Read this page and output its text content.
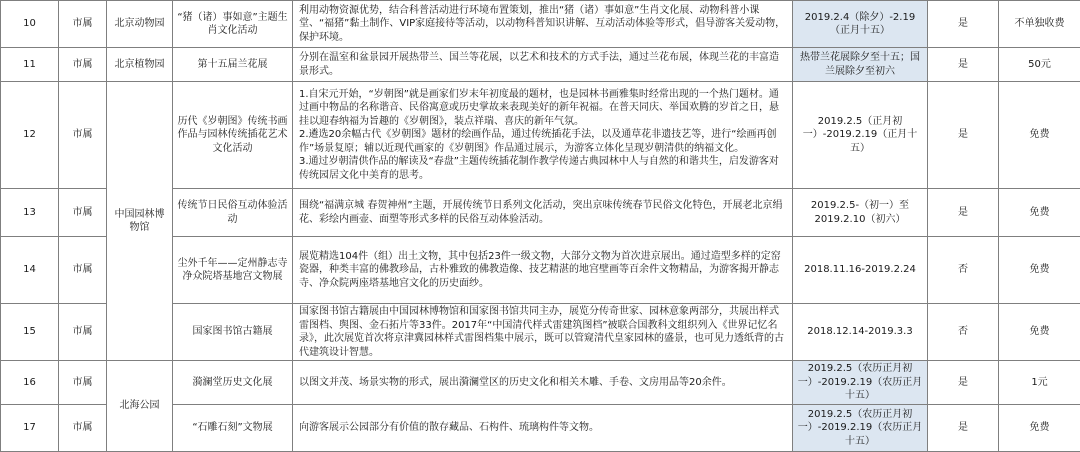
10	市属	北京动物园	“猪（诸）事如意”主题生肖文化活动	利用动物资源优势，结合科普活动进行环境布置策划，推出“猪（诸）事如意”生肖文化展、动物科普小课堂、“福猪”黏土制作、VIP家庭接待等活动，以动物科普知识讲解、互动活动体验等形式，倡导游客关爱动物，保护环境。	2019.2.4（除夕）-2.19（正月十五）	是	不单独收费
11	市属	北京植物园	第十五届兰花展	分别在温室和盆景园开展热带兰、国兰等花展，以艺术和技术的方式手法，通过兰花布展，体现兰花的丰富造景形式。	热带兰花展除夕至十五；国兰展除夕至初六	是	50元
12	市属	中国园林博物馆	历代《岁朝图》传统书画作品与园林传统插花艺术文化活动	1.自宋元开始，“岁朝图”就是画家们岁末年初度最的题材，也是园林书画雅集时经常出现的一个热门题材。通过画中物品的名称谐音、民俗寓意或历史掌故来表现美好的新年祝福。在普天同庆、举国欢腾的岁首之日，悬挂以迎春纳福为旨趣的《岁朝图》，装点祥瑞、喜庆的新年气氛。

2.遴选20余幅古代《岁朝图》题材的绘画作品，通过传统插花手法，以及通草花非遗技艺等，进行“绘画再创作”场景复原；辅以近现代画家的《岁朝图》作品通过展示，为游客立体化呈现岁朝清供的纳福文化。

3.通过岁朝清供作品的解读及“春盘”主题传统插花制作教学传递古典园林中人与自然的和谐共生，启发游客对传统园居文化中美育的思考。	2019.2.5（正月初一）-2019.2.19（正月十五）	是	免费
13	市属		传统节日民俗互动体验活动	围绕“福满京城 春贺神州”主题，开展传统节日系列文化活动，突出京味传统春节民俗文化特色，开展老北京绢花、彩绘内画壶、面塑等形式多样的民俗互动体验活动。	2019.2.5-（初一）至2019.2.10（初六）	是	免费
14	市属		尘外千年——定州静志寺净众院塔基地宫文物展	展览精选104件（组）出土文物，其中包括23件一级文物，大部分文物为首次进京展出。通过造型多样的定窑瓷器，种类丰富的佛教珍品，古朴雅致的佛教造像、技艺精湛的地宫壁画等百余件文物精品，为游客揭开静志寺、净众院两座塔基地宫文化的历史面纱。	2018.11.16-2019.2.24	否	免费
15	市属		国家图书馆古籍展	国家图书馆古籍展由中国园林博物馆和国家图书馆共同主办，展览分传奇世家、园林意象两部分，共展出样式雷图档、舆图、金石拓片等33件。2017年“中国清代样式雷建筑图档”被联合国教科文组织列入《世界记忆名录》，此次展览首次将京津冀园林样式雷图档集中展示，既可以管窥清代皇家园林的盛景，也可见力透纸背的古代建筑设计智慧。	2018.12.14-2019.3.3	否	免费
16	市属	北海公园	漪澜堂历史文化展	以图文并茂、场景实物的形式，展出漪澜堂区的历史文化和相关木雕、手卷、文房用品等20余件。	2019.2.5（农历正月初一）-2019.2.19（农历正月十五）	是	1元
17	市属		“石雕石刻”文物展	向游客展示公园部分有价值的散存藏品、石构件、琉璃构件等文物。	2019.2.5（农历正月初一）-2019.2.19（农历正月十五）	是	免费
